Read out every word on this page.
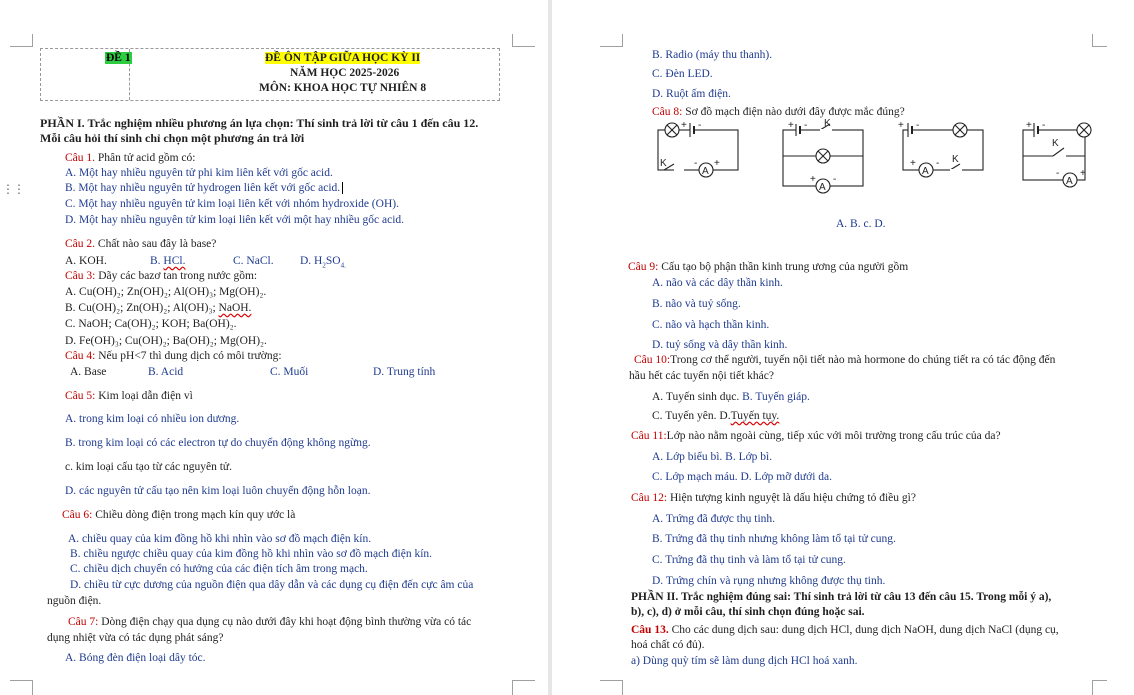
ĐỀ 1	ĐỀ ÔN TẬP GIỮA HỌC KỲ II
NĂM HỌC 2025-2026
MÔN: KHOA HỌC TỰ NHIÊN 8
PHẦN I. Trắc nghiệm nhiều phương án lựa chọn: Thí sinh trả lời từ câu 1 đến câu 12.
Mỗi câu hỏi thí sinh chỉ chọn một phương án trả lời
Câu 1. Phân tử acid gồm có:
A. Một hay nhiều nguyên tử phi kim liên kết với gốc acid.
B. Một hay nhiều nguyên tử hydrogen liên kết với gốc acid.
⋮⋮
C. Một hay nhiều nguyên tử kim loại liên kết với nhóm hydroxide (OH).
D. Một hay nhiều nguyên tử kim loại liên kết với một hay nhiều gốc acid.
Câu 2. Chất nào sau đây là base?
A. KOH.	B. HCl.	C. NaCl. D. $H_2SO_{4.}$
Câu 3: Dãy các bazơ tan trong nước gồm:
A. Cu(OH)₂; Zn(OH)₂; Al(OH)₃; Mg(OH)₂.
B. Cu(OH)₂; Zn(OH)₂; Al(OH)₃; NaOH.
C. NaOH; Ca(OH)₂; KOH; Ba(OH)₂.
D. Fe(OH)₃; Cu(OH)₂; Ba(OH)₂; Mg(OH)₂.
Câu 4: Nếu pH<7 thì dung dịch có môi trường:
A. Base	B. Acid	C. Muối	D. Trung tính
Câu 5: Kim loại dẫn điện vì
A. trong kim loại có nhiều ion dương.
B. trong kim loại có các electron tự do chuyển động không ngừng.
c. kim loại cấu tạo từ các nguyên tử.
D. các nguyên tử cấu tạo nên kim loại luôn chuyển động hỗn loạn.
Câu 6: Chiều dòng điện trong mạch kín quy ước là
A. chiều quay của kim đồng hồ khi nhìn vào sơ đồ mạch điện kín.
B. chiều ngược chiều quay của kim đồng hồ khi nhìn vào sơ đồ mạch điện kín.
C. chiều dịch chuyển có hướng của các điện tích âm trong mạch.
D. chiều từ cực dương của nguồn điện qua dây dẫn và các dụng cụ điện đến cực âm của
nguồn điện.
Câu 7: Dòng điện chạy qua dụng cụ nào dưới đây khi hoạt động bình thường vừa có tác
dụng nhiệt vừa có tác dụng phát sáng?
A. Bóng đèn điện loại dây tóc.
B. Radio (máy thu thanh).
C. Đèn LED.
D. Ruột ấm điện.
Câu 8: Sơ đồ mạch điện nào dưới đây được mắc đúng?
+ -
K	-
A
+
+ - K
+
A
-
+ -
+
A
- K
+ -
K
-
A
+
A. B. c. D.
Câu 9: Cấu tạo bộ phận thần kinh trung ương của người gồm
A. não và các dây thần kinh.
B. não và tuỷ sống.
C. não và hạch thần kinh.
D. tuỷ sống và dây thần kinh.
Câu 10:Trong cơ thể người, tuyến nội tiết nào mà hormone do chúng tiết ra có tác động đến
hầu hết các tuyến nội tiết khác?
A. Tuyến sinh dục. B. Tuyến giáp.
C. Tuyến yên. D.Tuyến tụy.
Câu 11:Lớp nào nằm ngoài cùng, tiếp xúc với môi trường trong cấu trúc của da?
A. Lớp biểu bì. B. Lớp bì.
C. Lớp mạch máu. D. Lớp mỡ dưới da.
Câu 12: Hiện tượng kinh nguyệt là dấu hiệu chứng tỏ điều gì?
A. Trứng đã được thụ tinh.
B. Trứng đã thụ tinh nhưng không làm tổ tại tử cung.
C. Trứng đã thụ tinh và làm tổ tại tử cung.
D. Trứng chín và rụng nhưng không được thụ tinh.
PHẦN II. Trắc nghiệm đúng sai: Thí sinh trả lời từ câu 13 đến câu 15. Trong mỗi ý a),
b), c), d) ở mỗi câu, thí sinh chọn đúng hoặc sai.
Câu 13. Cho các dung dịch sau: dung dịch HCl, dung dịch NaOH, dung dịch NaCl (dụng cụ,
hoá chất có đủ).
a) Dùng quỳ tím sẽ làm dung dịch HCl hoá xanh.
